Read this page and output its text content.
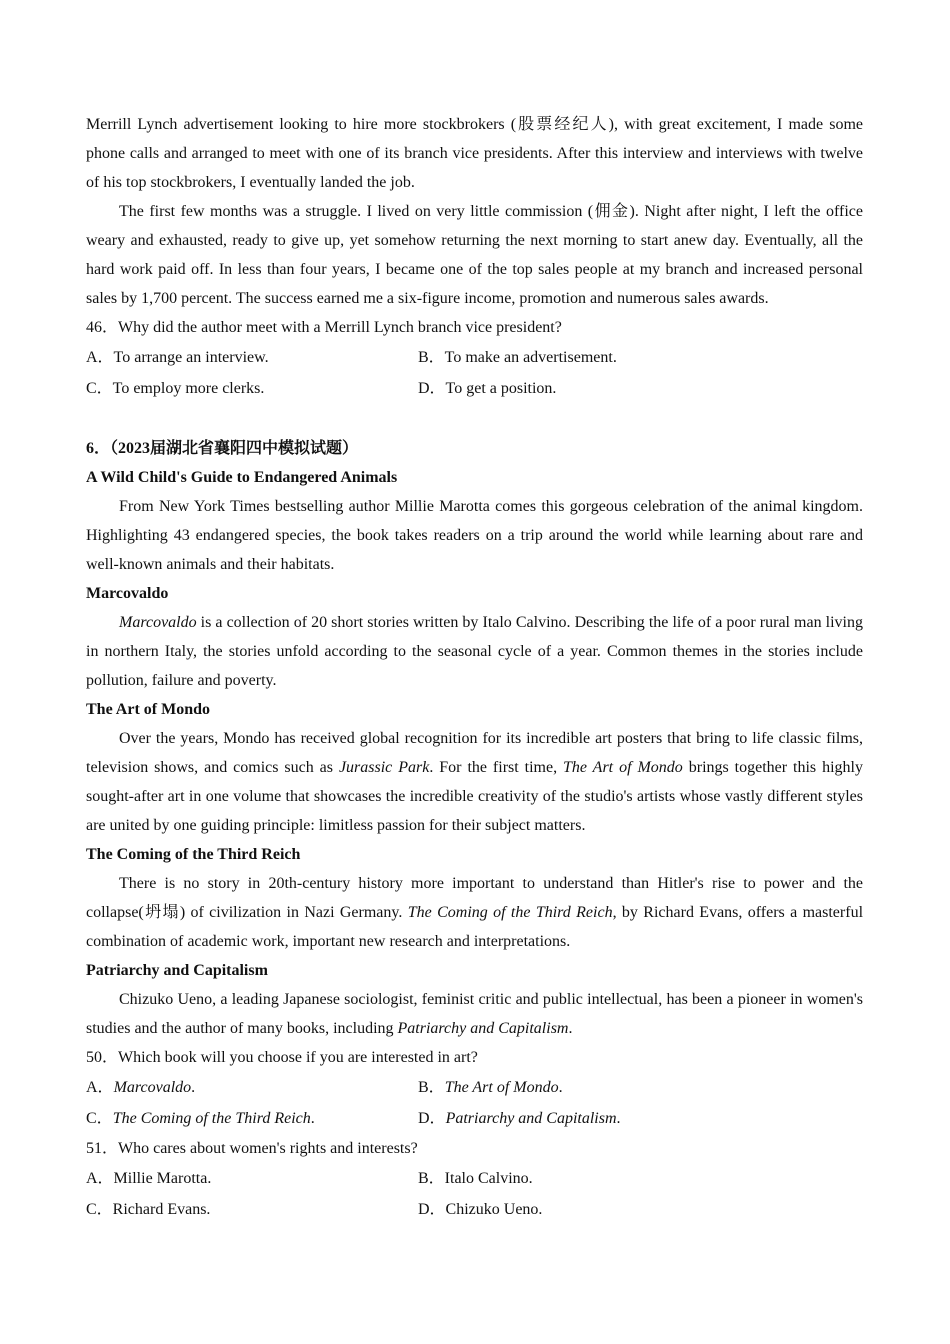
Merrill Lynch advertisement looking to hire more stockbrokers (股票经纪人), with great excitement, I made some phone calls and arranged to meet with one of its branch vice presidents. After this interview and interviews with twelve of his top stockbrokers, I eventually landed the job.

The first few months was a struggle. I lived on very little commission (佣金). Night after night, I left the office weary and exhausted, ready to give up, yet somehow returning the next morning to start anew day. Eventually, all the hard work paid off. In less than four years, I became one of the top sales people at my branch and increased personal sales by 1,700 percent. The success earned me a six-figure income, promotion and numerous sales awards.

46．Why did the author meet with a Merrill Lynch branch vice president?

A．To arrange an interview.	B．To make an advertisement.
C．To employ more clerks.	D．To get a position.

6．（2023届湖北省襄阳四中模拟试题）

A Wild Child's Guide to Endangered Animals

From New York Times bestselling author Millie Marotta comes this gorgeous celebration of the animal kingdom. Highlighting 43 endangered species, the book takes readers on a trip around the world while learning about rare and well-known animals and their habitats.

Marcovaldo

Marcovaldo is a collection of 20 short stories written by Italo Calvino. Describing the life of a poor rural man living in northern Italy, the stories unfold according to the seasonal cycle of a year. Common themes in the stories include pollution, failure and poverty.

The Art of Mondo

Over the years, Mondo has received global recognition for its incredible art posters that bring to life classic films, television shows, and comics such as Jurassic Park. For the first time, The Art of Mondo brings together this highly sought-after art in one volume that showcases the incredible creativity of the studio's artists whose vastly different styles are united by one guiding principle: limitless passion for their subject matters.

The Coming of the Third Reich

There is no story in 20th-century history more important to understand than Hitler's rise to power and the collapse(坍塌) of civilization in Nazi Germany. The Coming of the Third Reich, by Richard Evans, offers a masterful combination of academic work, important new research and interpretations.

Patriarchy and Capitalism

Chizuko Ueno, a leading Japanese sociologist, feminist critic and public intellectual, has been a pioneer in women's studies and the author of many books, including Patriarchy and Capitalism.

50．Which book will you choose if you are interested in art?

A．Marcovaldo.	B．The Art of Mondo.
C．The Coming of the Third Reich.	D．Patriarchy and Capitalism.

51．Who cares about women's rights and interests?

A．Millie Marotta.	B．Italo Calvino.
C．Richard Evans.	D．Chizuko Ueno.
